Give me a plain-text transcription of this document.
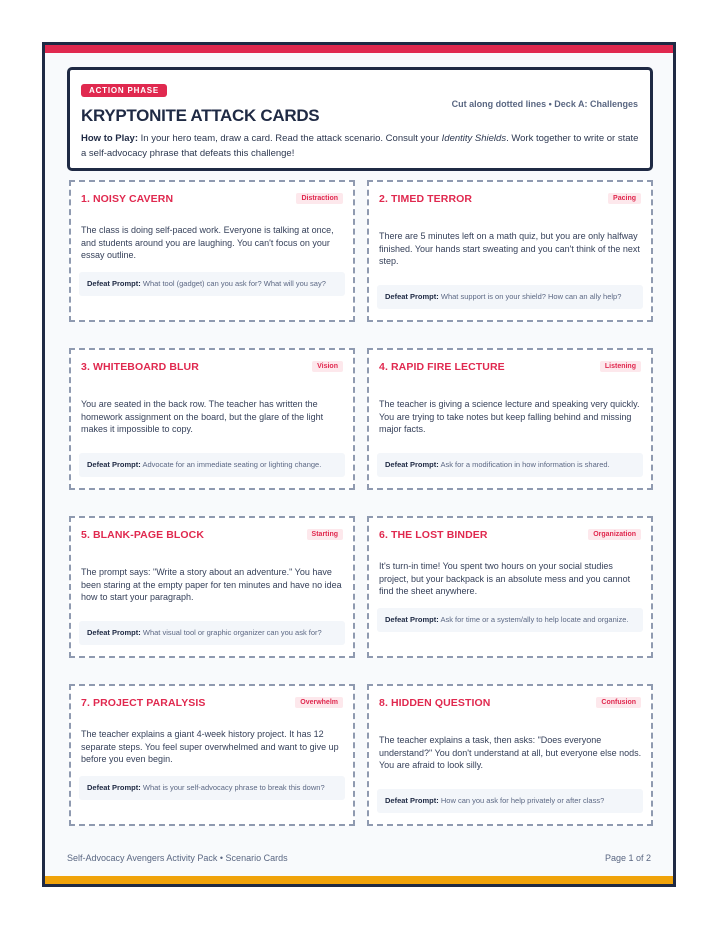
ACTION PHASE
KRYPTONITE ATTACK CARDS
Cut along dotted lines • Deck A: Challenges
How to Play: In your hero team, draw a card. Read the attack scenario. Consult your Identity Shields. Work together to write or state a self-advocacy phrase that defeats this challenge!
1. NOISY CAVERN	Distraction
The class is doing self-paced work. Everyone is talking at once, and students around you are laughing. You can't focus on your essay outline.
Defeat Prompt: What tool (gadget) can you ask for? What will you say?
2. TIMED TERROR	Pacing
There are 5 minutes left on a math quiz, but you are only halfway finished. Your hands start sweating and you can't think of the next step.
Defeat Prompt: What support is on your shield? How can an ally help?
3. WHITEBOARD BLUR	Vision
You are seated in the back row. The teacher has written the homework assignment on the board, but the glare of the light makes it impossible to copy.
Defeat Prompt: Advocate for an immediate seating or lighting change.
4. RAPID FIRE LECTURE	Listening
The teacher is giving a science lecture and speaking very quickly. You are trying to take notes but keep falling behind and missing major facts.
Defeat Prompt: Ask for a modification in how information is shared.
5. BLANK-PAGE BLOCK	Starting
The prompt says: "Write a story about an adventure." You have been staring at the empty paper for ten minutes and have no idea how to start your paragraph.
Defeat Prompt: What visual tool or graphic organizer can you ask for?
6. THE LOST BINDER	Organization
It's turn-in time! You spent two hours on your social studies project, but your backpack is an absolute mess and you cannot find the sheet anywhere.
Defeat Prompt: Ask for time or a system/ally to help locate and organize.
7. PROJECT PARALYSIS	Overwhelm
The teacher explains a giant 4-week history project. It has 12 separate steps. You feel super overwhelmed and want to give up before you even begin.
Defeat Prompt: What is your self-advocacy phrase to break this down?
8. HIDDEN QUESTION	Confusion
The teacher explains a task, then asks: "Does everyone understand?" You don't understand at all, but everyone else nods. You are afraid to look silly.
Defeat Prompt: How can you ask for help privately or after class?
Self-Advocacy Avengers Activity Pack • Scenario Cards	Page 1 of 2
